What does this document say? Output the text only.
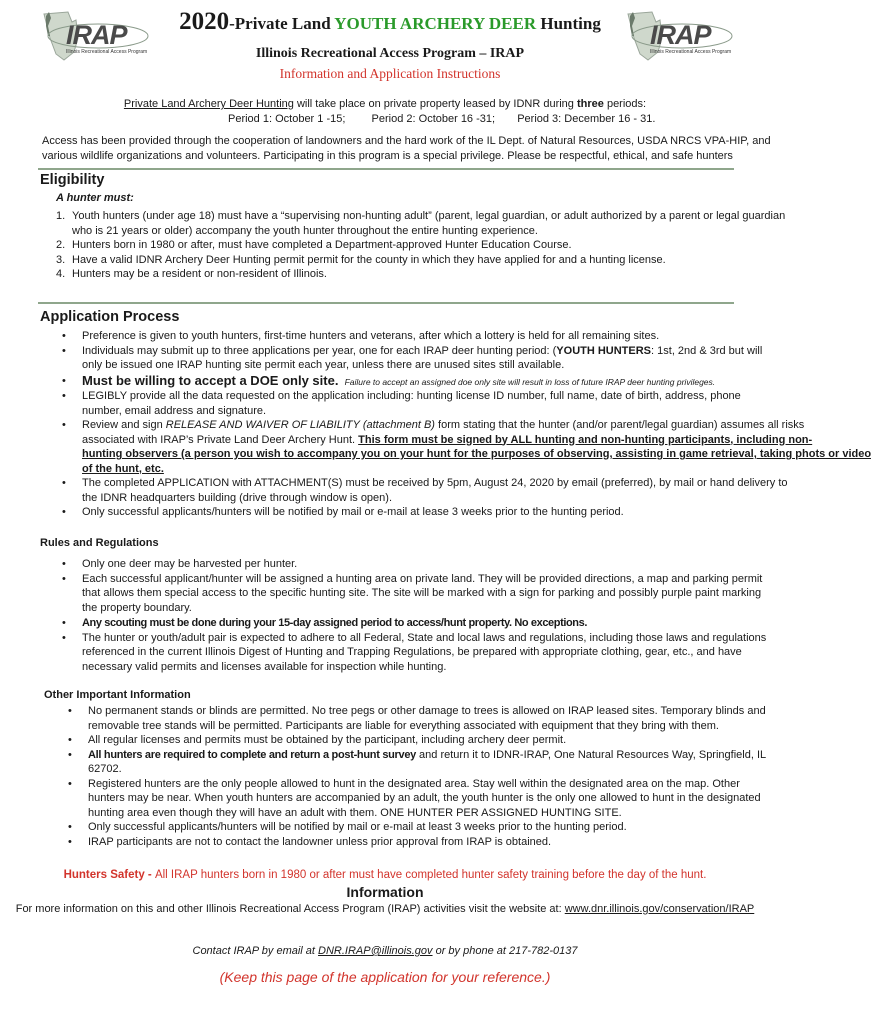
IRAP
Illinois Recreational Access Program
IRAP
Illinois Recreational Access Program
2020-Private Land YOUTH ARCHERY DEER Hunting
Illinois Recreational Access Program – IRAP
Information and Application Instructions
Private Land Archery Deer Hunting will take place on private property leased by IDNR during three periods:
Period 1: October 1 -15; Period 2: October 16 -31; Period 3: December 16 - 31.
Access has been provided through the cooperation of landowners and the hard work of the IL Dept. of Natural Resources, USDA NRCS VPA-HIP, and
various wildlife organizations and volunteers. Participating in this program is a special privilege. Please be respectful, ethical, and safe hunters
Eligibility
A hunter must:
1. Youth hunters (under age 18) must have a “supervising non-hunting adult” (parent, legal guardian, or adult authorized by a parent or legal guardian
who is 21 years or older) accompany the youth hunter throughout the entire hunting experience.
2. Hunters born in 1980 or after, must have completed a Department-approved Hunter Education Course.
3. Have a valid IDNR Archery Deer Hunting permit permit for the county in which they have applied for and a hunting license.
4. Hunters may be a resident or non-resident of Illinois.
Application Process
• Preference is given to youth hunters, first-time hunters and veterans, after which a lottery is held for all remaining sites.
• Individuals may submit up to three applications per year, one for each IRAP deer hunting period: (YOUTH HUNTERS: 1st, 2nd & 3rd but will
only be issued one IRAP hunting site permit each year, unless there are unused sites still available.
• Must be willing to accept a DOE only site. Failure to accept an assigned doe only site will result in loss of future IRAP deer hunting privileges.
• LEGIBLY provide all the data requested on the application including: hunting license ID number, full name, date of birth, address, phone
number, email address and signature.
• Review and sign RELEASE AND WAIVER OF LIABILITY (attachment B) form stating that the hunter (and/or parent/legal guardian) assumes all risks
associated with IRAP’s Private Land Deer Archery Hunt. This form must be signed by ALL hunting and non-hunting participants, including non-
hunting observers (a person you wish to accompany you on your hunt for the purposes of observing, assisting in game retrieval, taking phots or video
of the hunt, etc.
• The completed APPLICATION with ATTACHMENT(S) must be received by 5pm, August 24, 2020 by email (preferred), by mail or hand delivery to
the IDNR headquarters building (drive through window is open).
• Only successful applicants/hunters will be notified by mail or e-mail at lease 3 weeks prior to the hunting period.
Rules and Regulations
• Only one deer may be harvested per hunter.
• Each successful applicant/hunter will be assigned a hunting area on private land. They will be provided directions, a map and parking permit
that allows them special access to the specific hunting site. The site will be marked with a sign for parking and possibly purple paint marking
the property boundary.
• Any scouting must be done during your 15-day assigned period to access/hunt property. No exceptions.
• The hunter or youth/adult pair is expected to adhere to all Federal, State and local laws and regulations, including those laws and regulations
referenced in the current Illinois Digest of Hunting and Trapping Regulations, be prepared with appropriate clothing, gear, etc., and have
necessary valid permits and licenses available for inspection while hunting.
Other Important Information
• No permanent stands or blinds are permitted. No tree pegs or other damage to trees is allowed on IRAP leased sites. Temporary blinds and
removable tree stands will be permitted. Participants are liable for everything associated with equipment that they bring with them.
• All regular licenses and permits must be obtained by the participant, including archery deer permit.
• All hunters are required to complete and return a post-hunt survey and return it to IDNR-IRAP, One Natural Resources Way, Springfield, IL
62702.
• Registered hunters are the only people allowed to hunt in the designated area. Stay well within the designated area on the map. Other
hunters may be near. When youth hunters are accompanied by an adult, the youth hunter is the only one allowed to hunt in the designated
hunting area even though they will have an adult with them. ONE HUNTER PER ASSIGNED HUNTING SITE.
• Only successful applicants/hunters will be notified by mail or e-mail at least 3 weeks prior to the hunting period.
• IRAP participants are not to contact the landowner unless prior approval from IRAP is obtained.
Hunters Safety - All IRAP hunters born in 1980 or after must have completed hunter safety training before the day of the hunt.
Information
For more information on this and other Illinois Recreational Access Program (IRAP) activities visit the website at: www.dnr.illinois.gov/conservation/IRAP
Contact IRAP by email at DNR.IRAP@illinois.gov or by phone at 217-782-0137
(Keep this page of the application for your reference.)
